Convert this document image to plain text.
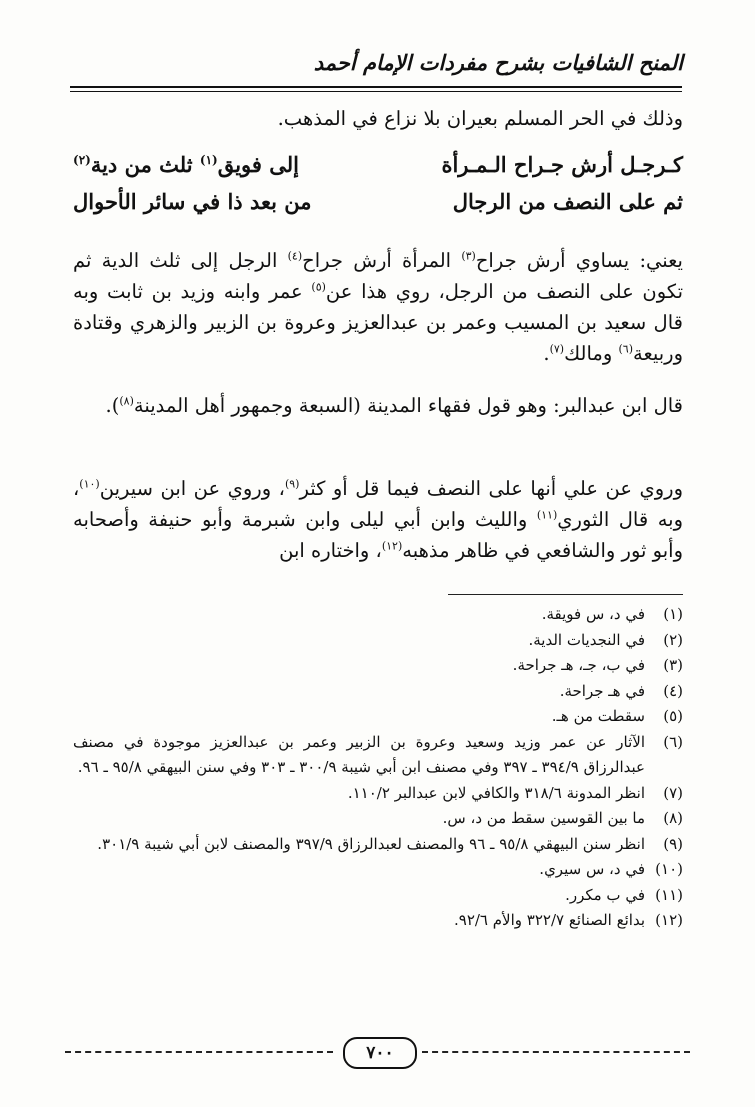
المنح الشافيات بشرح مفردات الإمام أحمد
وذلك في الحر المسلم بعيران بلا نزاع في المذهب.
كـرجـل أرش جـراح الـمـرأة
إلى فويق$^{(١)}$ ثلث من دية$^{(٢)}$
ثم على النصف من الرجال
من بعد ذا في سائر الأحوال
يعني: يساوي أرش جراح$^{(٣)}$ المرأة أرش جراح$^{(٤)}$ الرجل إلى ثلث الدية ثم تكون على النصف من الرجل، روي هذا عن$^{(٥)}$ عمر وابنه وزيد بن ثابت وبه قال سعيد بن المسيب وعمر بن عبدالعزيز وعروة بن الزبير والزهري وقتادة وربيعة$^{(٦)}$ ومالك$^{(٧)}$.
قال ابن عبدالبر: وهو قول فقهاء المدينة (السبعة وجمهور أهل المدينة$^{(٨)}$).
وروي عن علي أنها على النصف فيما قل أو كثر$^{(٩)}$، وروي عن ابن سيرين$^{(١٠)}$، وبه قال الثوري$^{(١١)}$ والليث وابن أبي ليلى وابن شبرمة وأبو حنيفة وأصحابه وأبو ثور والشافعي في ظاهر مذهبه$^{(١٢)}$، واختاره ابن
(١)
في د، س فويقة.
(٢)
في النجديات الدية.
(٣)
في ب، جـ، هـ جراحة.
(٤)
في هـ جراحة.
(٥)
سقطت من هـ.
(٦)
الآثار عن عمر وزيد وسعيد وعروة بن الزبير وعمر بن عبدالعزيز موجودة في مصنف عبدالرزاق ٣٩٤/٩ ـ ٣٩٧ وفي مصنف ابن أبي شيبة ٣٠٠/٩ ـ ٣٠٣ وفي سنن البيهقي ٩٥/٨ ـ ٩٦.
(٧)
انظر المدونة ٣١٨/٦ والكافي لابن عبدالبر ١١٠/٢.
(٨)
ما بين القوسين سقط من د، س.
(٩)
انظر سنن البيهقي ٩٥/٨ ـ ٩٦ والمصنف لعبدالرزاق ٣٩٧/٩ والمصنف لابن أبي شيبة ٣٠١/٩.
(١٠)
في د، س سيري.
(١١)
في ب مكرر.
(١٢)
بدائع الصنائع ٣٢٢/٧ والأم ٩٢/٦.
٧٠٠
